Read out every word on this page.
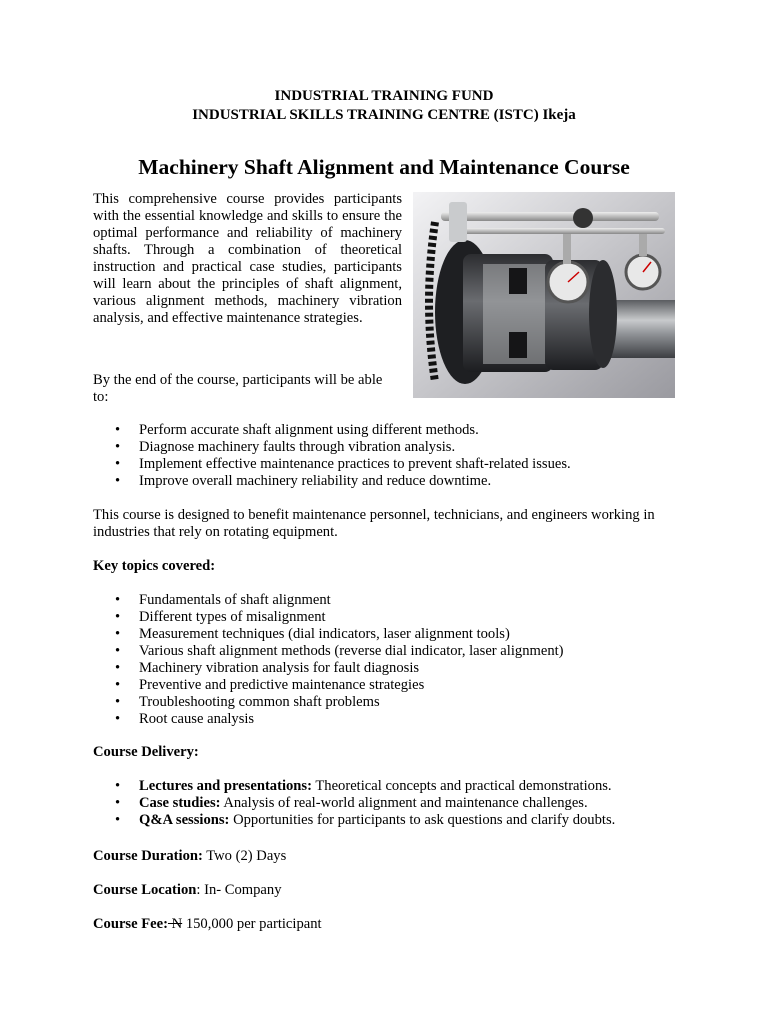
INDUSTRIAL TRAINING FUND
INDUSTRIAL SKILLS TRAINING CENTRE (ISTC) Ikeja
Machinery Shaft Alignment and Maintenance Course

This comprehensive course provides participants with the essential knowledge and skills to ensure the optimal performance and reliability of machinery shafts. Through a combination of theoretical instruction and practical case studies, participants will learn about the principles of shaft alignment, various alignment methods, machinery vibration analysis, and effective maintenance strategies.

By the end of the course, participants will be able to:

• Perform accurate shaft alignment using different methods.
• Diagnose machinery faults through vibration analysis.
• Implement effective maintenance practices to prevent shaft-related issues.
• Improve overall machinery reliability and reduce downtime.

This course is designed to benefit maintenance personnel, technicians, and engineers working in industries that rely on rotating equipment.

Key topics covered:

• Fundamentals of shaft alignment
• Different types of misalignment
• Measurement techniques (dial indicators, laser alignment tools)
• Various shaft alignment methods (reverse dial indicator, laser alignment)
• Machinery vibration analysis for fault diagnosis
• Preventive and predictive maintenance strategies
• Troubleshooting common shaft problems
• Root cause analysis

Course Delivery:

• Lectures and presentations: Theoretical concepts and practical demonstrations.
• Case studies: Analysis of real-world alignment and maintenance challenges.
• Q&A sessions: Opportunities for participants to ask questions and clarify doubts.

Course Duration: Two (2) Days

Course Location: In- Company

Course Fee: N 150,000 per participant
